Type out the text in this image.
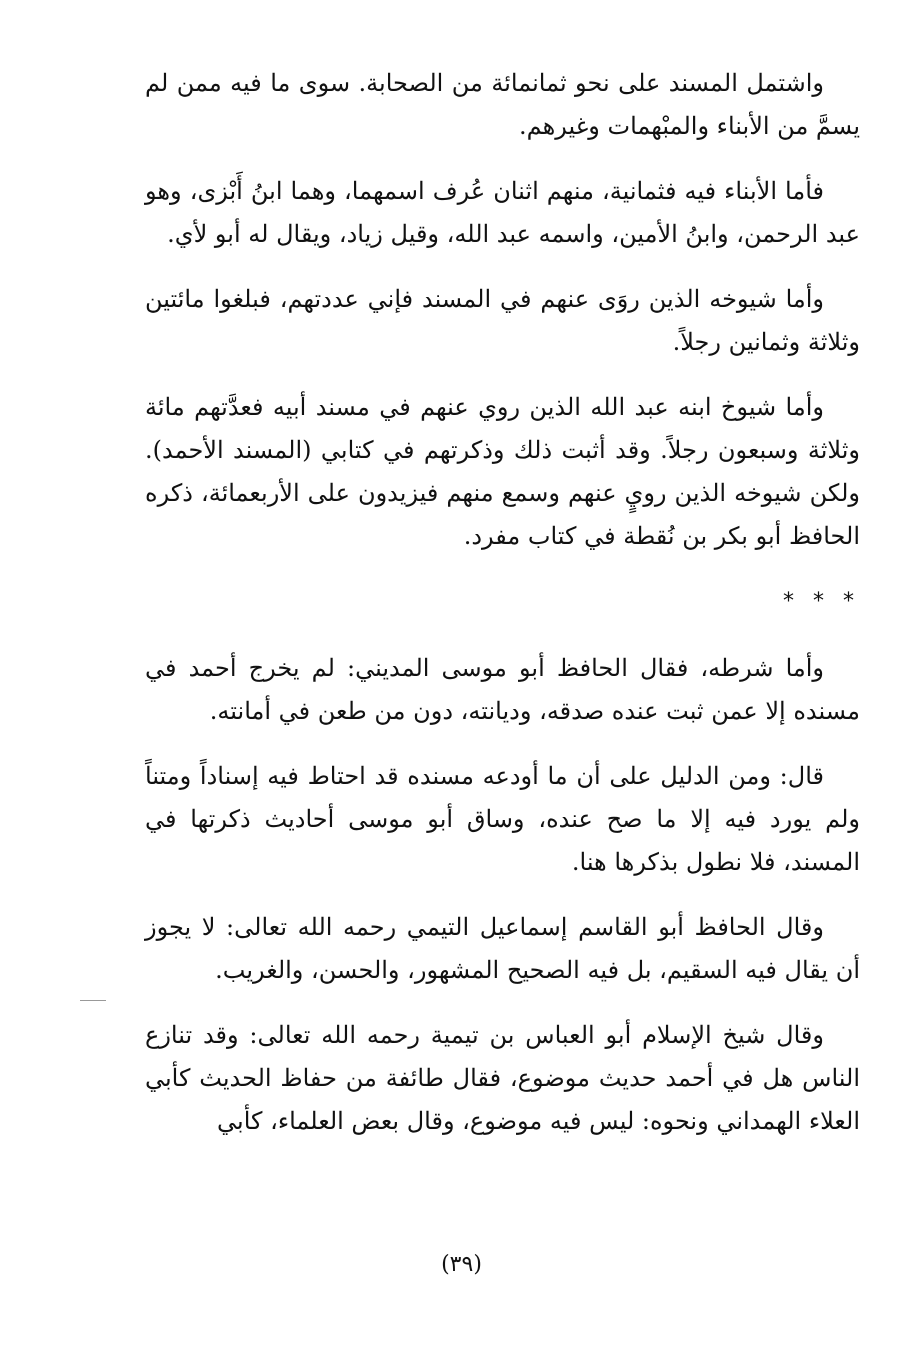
واشتمل المسند على نحو ثمانمائة من الصحابة. سوى ما فيه ممن لم يسمَّ من الأبناء والمبْهمات وغيرهم.

فأما الأبناء فيه فثمانية، منهم اثنان عُرف اسمهما، وهما ابنُ أَبْزى، وهو عبد الرحمن، وابنُ الأمين، واسمه عبد الله، وقيل زياد، ويقال له أبو لأي.

وأما شيوخه الذين روَى عنهم في المسند فإني عددتهم، فبلغوا مائتين وثلاثة وثمانين رجلاً.

وأما شيوخ ابنه عبد الله الذين روي عنهم في مسند أبيه فعدَّتهم مائة وثلاثة وسبعون رجلاً. وقد أثبت ذلك وذكرتهم في كتابي (المسند الأحمد). ولكن شيوخه الذين رويٍ عنهم وسمع منهم فيزيدون على الأربعمائة، ذكره الحافظ أبو بكر بن نُقطة في كتاب مفرد.

* * *

وأما شرطه، فقال الحافظ أبو موسى المديني: لم يخرج أحمد في مسنده إلا عمن ثبت عنده صدقه، وديانته، دون من طعن في أمانته.

قال: ومن الدليل على أن ما أودعه مسنده قد احتاط فيه إسناداً ومتناً ولم يورد فيه إلا ما صح عنده، وساق أبو موسى أحاديث ذكرتها في المسند، فلا نطول بذكرها هنا.

وقال الحافظ أبو القاسم إسماعيل التيمي رحمه الله تعالى: لا يجوز أن يقال فيه السقيم، بل فيه الصحيح المشهور، والحسن، والغريب.

وقال شيخ الإسلام أبو العباس بن تيمية رحمه الله تعالى: وقد تنازع الناس هل في أحمد حديث موضوع، فقال طائفة من حفاظ الحديث كأبي العلاء الهمداني ونحوه: ليس فيه موضوع، وقال بعض العلماء، كأبي

(٣٩)
